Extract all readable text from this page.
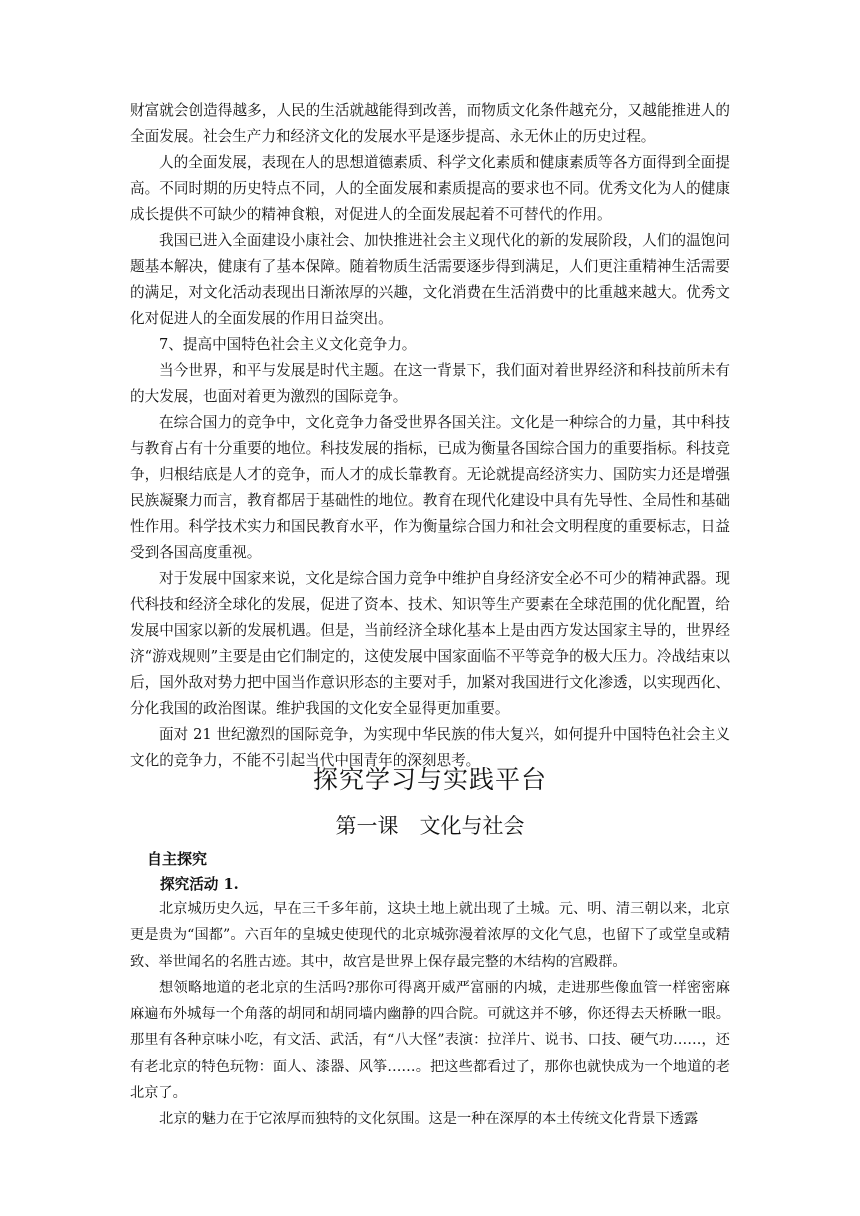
财富就会创造得越多，人民的生活就越能得到改善，而物质文化条件越充分，又越能推进人的全面发展。社会生产力和经济文化的发展水平是逐步提高、永无休止的历史过程。

人的全面发展，表现在人的思想道德素质、科学文化素质和健康素质等各方面得到全面提高。不同时期的历史特点不同，人的全面发展和素质提高的要求也不同。优秀文化为人的健康成长提供不可缺少的精神食粮，对促进人的全面发展起着不可替代的作用。

我国已进入全面建设小康社会、加快推进社会主义现代化的新的发展阶段，人们的温饱问题基本解决，健康有了基本保障。随着物质生活需要逐步得到满足，人们更注重精神生活需要的满足，对文化活动表现出日渐浓厚的兴趣，文化消费在生活消费中的比重越来越大。优秀文化对促进人的全面发展的作用日益突出。

7、提高中国特色社会主义文化竞争力。

当今世界，和平与发展是时代主题。在这一背景下，我们面对着世界经济和科技前所未有的大发展，也面对着更为激烈的国际竞争。

在综合国力的竞争中，文化竞争力备受世界各国关注。文化是一种综合的力量，其中科技与教育占有十分重要的地位。科技发展的指标，已成为衡量各国综合国力的重要指标。科技竞争，归根结底是人才的竞争，而人才的成长靠教育。无论就提高经济实力、国防实力还是增强民族凝聚力而言，教育都居于基础性的地位。教育在现代化建设中具有先导性、全局性和基础性作用。科学技术实力和国民教育水平，作为衡量综合国力和社会文明程度的重要标志，日益受到各国高度重视。

对于发展中国家来说，文化是综合国力竞争中维护自身经济安全必不可少的精神武器。现代科技和经济全球化的发展，促进了资本、技术、知识等生产要素在全球范围的优化配置，给发展中国家以新的发展机遇。但是，当前经济全球化基本上是由西方发达国家主导的，世界经济“游戏规则”主要是由它们制定的，这使发展中国家面临不平等竞争的极大压力。冷战结束以后，国外敌对势力把中国当作意识形态的主要对手，加紧对我国进行文化渗透，以实现西化、分化我国的政治图谋。维护我国的文化安全显得更加重要。

面对 21 世纪激烈的国际竞争，为实现中华民族的伟大复兴，如何提升中国特色社会主义文化的竞争力，不能不引起当代中国青年的深刻思考。

探究学习与实践平台
第一课　文化与社会
自主探究
探究活动 1.

北京城历史久远，早在三千多年前，这块土地上就出现了土城。元、明、清三朝以来，北京更是贵为“国都”。六百年的皇城史使现代的北京城弥漫着浓厚的文化气息，也留下了或堂皇或精致、举世闻名的名胜古迹。其中，故宫是世界上保存最完整的木结构的宫殿群。

想领略地道的老北京的生活吗?那你可得离开威严富丽的内城，走进那些像血管一样密密麻麻遍布外城每一个角落的胡同和胡同墙内幽静的四合院。可就这并不够，你还得去天桥瞅一眼。那里有各种京味小吃，有文活、武活，有“八大怪”表演：拉洋片、说书、口技、硬气功……，还有老北京的特色玩物：面人、漆器、风筝……。把这些都看过了，那你也就快成为一个地道的老北京了。

北京的魅力在于它浓厚而独特的文化氛围。这是一种在深厚的本土传统文化背景下透露
